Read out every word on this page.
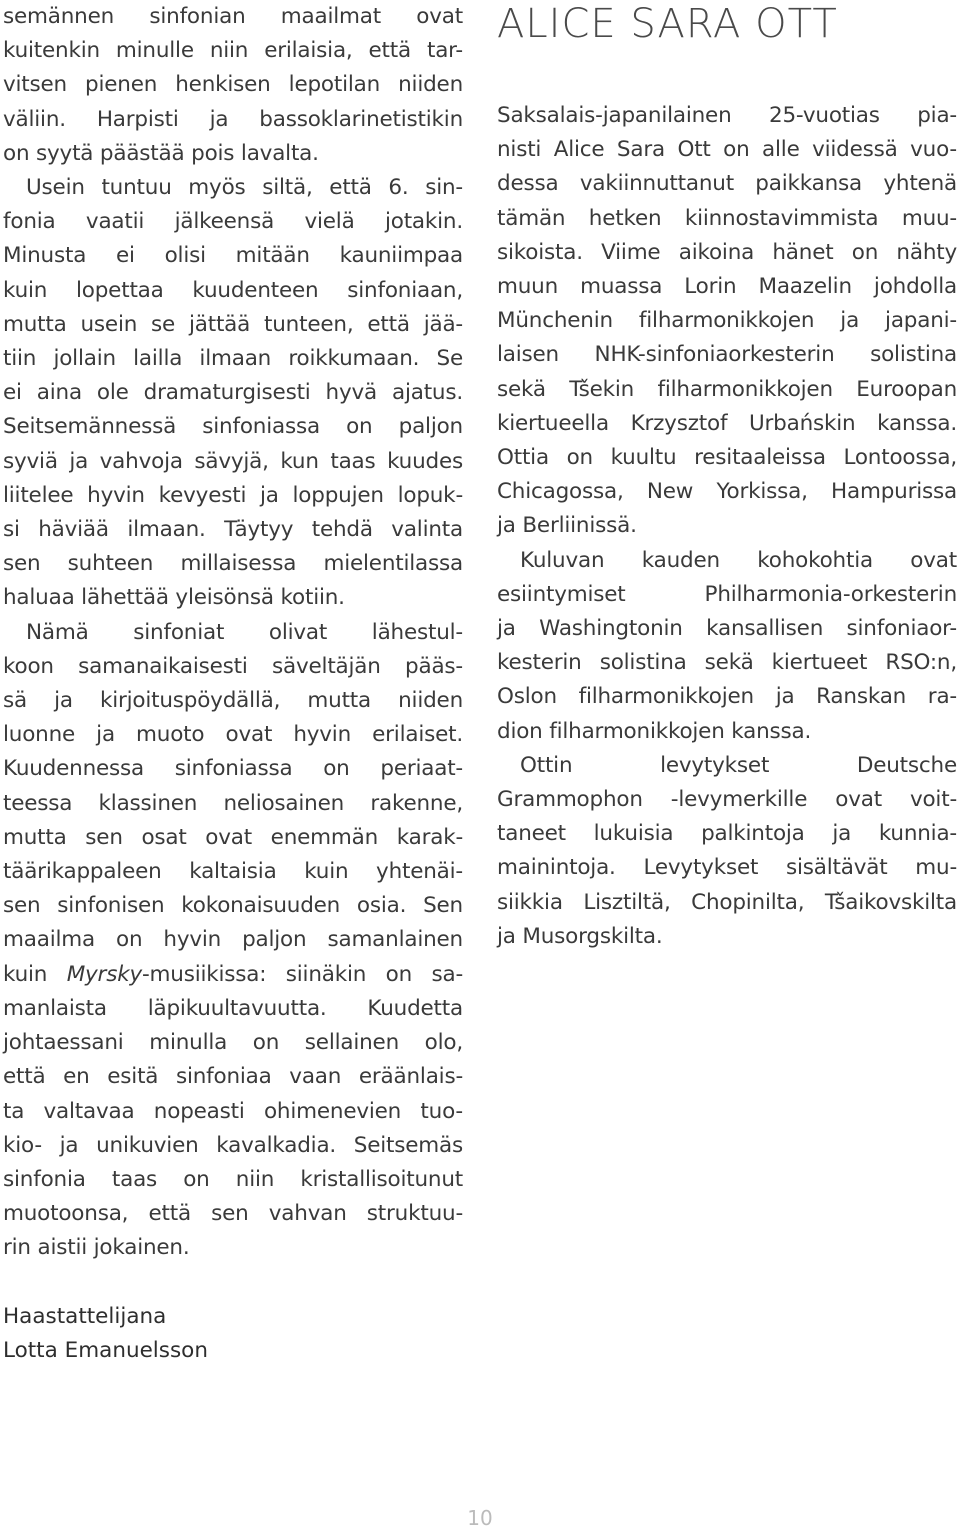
semännen sinfonian maailmat ovat
kuitenkin minulle niin erilaisia, että tar-
vitsen pienen henkisen lepotilan niiden
väliin. Harpisti ja bassoklarinetistikin
on syytä päästää pois lavalta.

Usein tuntuu myös siltä, että 6. sin-
fonia vaatii jälkeensä vielä jotakin.
Minusta ei olisi mitään kauniimpaa
kuin lopettaa kuudenteen sinfoniaan,
mutta usein se jättää tunteen, että jää-
tiin jollain lailla ilmaan roikkumaan. Se
ei aina ole dramaturgisesti hyvä ajatus.
Seitsemännessä sinfoniassa on paljon
syviä ja vahvoja sävyjä, kun taas kuudes
liitelee hyvin kevyesti ja loppujen lopuk-
si häviää ilmaan. Täytyy tehdä valinta
sen suhteen millaisessa mielentilassa
haluaa lähettää yleisönsä kotiin.

Nämä sinfoniat olivat lähestul-
koon samanaikaisesti säveltäjän pääs-
sä ja kirjoituspöydällä, mutta niiden
luonne ja muoto ovat hyvin erilaiset.
Kuudennessa sinfoniassa on periaat-
teessa klassinen neliosainen rakenne,
mutta sen osat ovat enemmän karak-
täärikappaleen kaltaisia kuin yhtenäi-
sen sinfonisen kokonaisuuden osia. Sen
maailma on hyvin paljon samanlainen
kuin Myrsky-musiikissa: siinäkin on sa-
manlaista läpikuultavuutta. Kuudetta
johtaessani minulla on sellainen olo,
että en esitä sinfoniaa vaan eräänlais-
ta valtavaa nopeasti ohimenevien tuo-
kio- ja unikuvien kavalkadia. Seitsemäs
sinfonia taas on niin kristallisoitunut
muotoonsa, että sen vahvan struktuu-
rin aistii jokainen.

Haastattelijana
Lotta Emanuelsson
ALICE SARA OTT

Saksalais-japanilainen 25-vuotias pia-
nisti Alice Sara Ott on alle viidessä vuo-
dessa vakiinnuttanut paikkansa yhtenä
tämän hetken kiinnostavimmista muu-
sikoista. Viime aikoina hänet on nähty
muun muassa Lorin Maazelin johdolla
Münchenin filharmonikkojen ja japani-
laisen NHK-sinfoniaorkesterin solistina
sekä Tšekin filharmonikkojen Euroopan
kiertueella Krzysztof Urbańskin kanssa.
Ottia on kuultu resitaaleissa Lontoossa,
Chicagossa, New Yorkissa, Hampurissa
ja Berliinissä.

Kuluvan kauden kohokohtia ovat
esiintymiset Philharmonia-orkesterin
ja Washingtonin kansallisen sinfoniaor-
kesterin solistina sekä kiertueet RSO:n,
Oslon filharmonikkojen ja Ranskan ra-
dion filharmonikkojen kanssa.

Ottin levytykset Deutsche
Grammophon -levymerkille ovat voit-
taneet lukuisia palkintoja ja kunnia-
mainintoja. Levytykset sisältävät mu-
siikkia Lisztiltä, Chopinilta, Tšaikovskilta
ja Musorgskilta.

10
